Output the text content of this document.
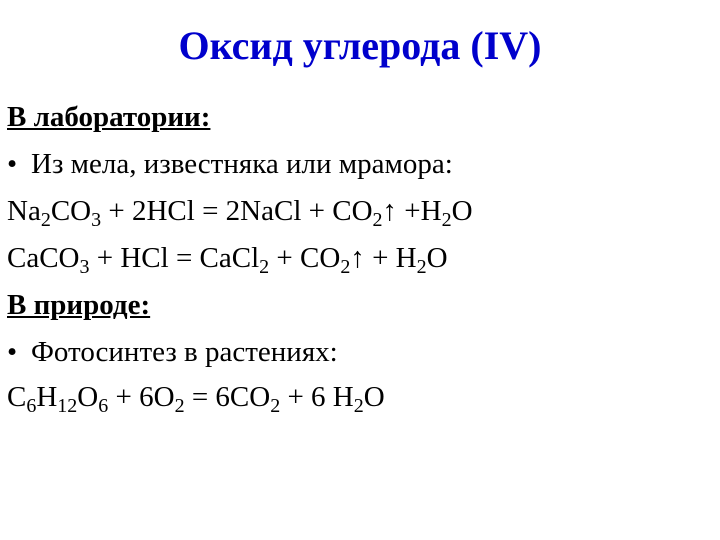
Оксид углерода (IV)
В лаборатории:
• Из мела, известняка или мрамора:
$Na_2CO_3 + 2HCl$ = 2NaCl + $CO_2↑ +H_2O$
CaCO$_3$ + HCl = CaCl$_2$ + $CO_2↑ + H_2O$
В природе:
• Фотосинтез в растениях:
$C_6H_{12}O_6 + 6O_2 = 6CO_2 + 6$ $H_2O$
